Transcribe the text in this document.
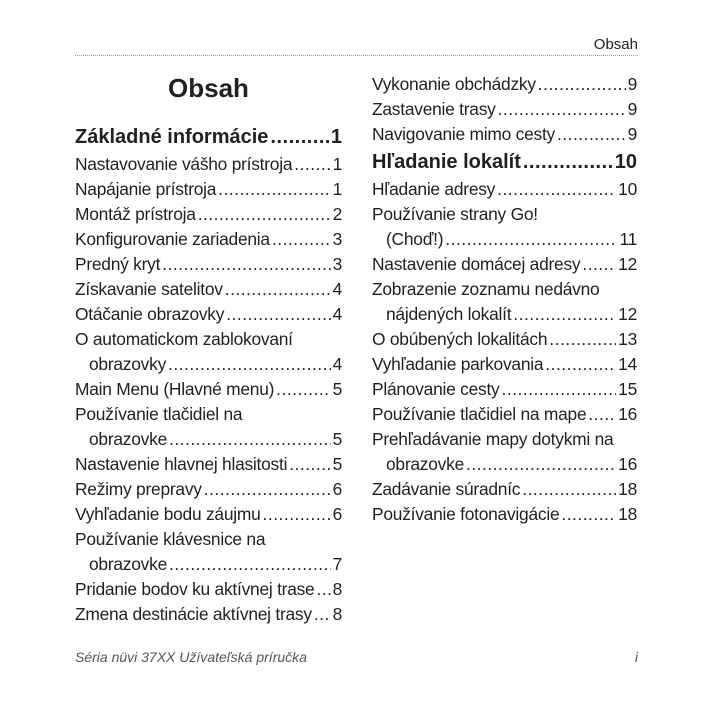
Obsah
Obsah
Základné informácie .....	1
Nastavovanie vášho prístroja ..... 1
Napájanie prístroja .....	1
Montáž prístroja .....	2
Konfigurovanie zariadenia .....	3
Predný kryt .....	3
Získavanie satelitov .....	4
Otáčanie obrazovky .....	4
O automatickom zablokovaní
obrazovky .....	4
Main Menu (Hlavné menu) .....	5
Používanie tlačidiel na
obrazovke .....	5
Nastavenie hlavnej hlasitosti .....	5
Režimy prepravy .....	6
Vyhľadanie bodu záujmu .....	6
Používanie klávesnice na
obrazovke .....	7
Pridanie bodov ku aktívnej trase ..... 8
Zmena destinácie aktívnej trasy ..... 8
Vykonanie obchádzky .....	9
Zastavenie trasy .....	9
Navigovanie mimo cesty .....	9
Hľadanie lokalít .....	10
Hľadanie adresy .....	10
Používanie strany Go!
(Choď!) .....	11
Nastavenie domácej adresy ..... 12
Zobrazenie zoznamu nedávno
nájdených lokalít .....	12
O obúbených lokalitách .....	13
Vyhľadanie parkovania .....	14
Plánovanie cesty .....	15
Používanie tlačidiel na mape ..... 16
Prehľadávanie mapy dotykmi na
obrazovke .....	16
Zadávanie súradníc .....	18
Používanie fotonavigácie .....	18
Séria nüvi 37XX Užívateľská príručka	i
